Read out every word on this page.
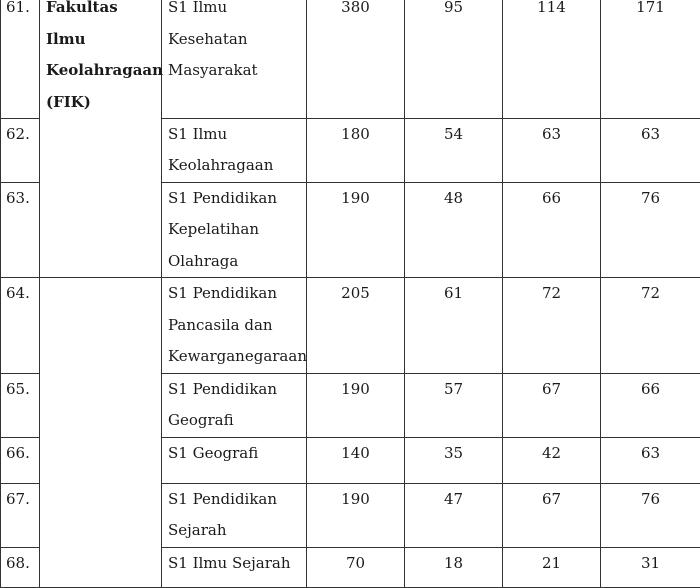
61.	Fakultas Ilmu
Keolahragaan
(FIK)	S1 Ilmu
Kesehatan
Masyarakat	380	95	114	171
62.		S1 Ilmu
Keolahragaan	180	54	63	63
63.		S1 Pendidikan
Kepelatihan
Olahraga	190	48	66	76
64.		S1 Pendidikan
Pancasila dan
Kewarganegaraan	205	61	72	72
65.		S1 Pendidikan
Geografi	190	57	67	66
66.		S1 Geografi	140	35	42	63
67.		S1 Pendidikan
Sejarah	190	47	67	76
68.		S1 Ilmu Sejarah	70	18	21	31
